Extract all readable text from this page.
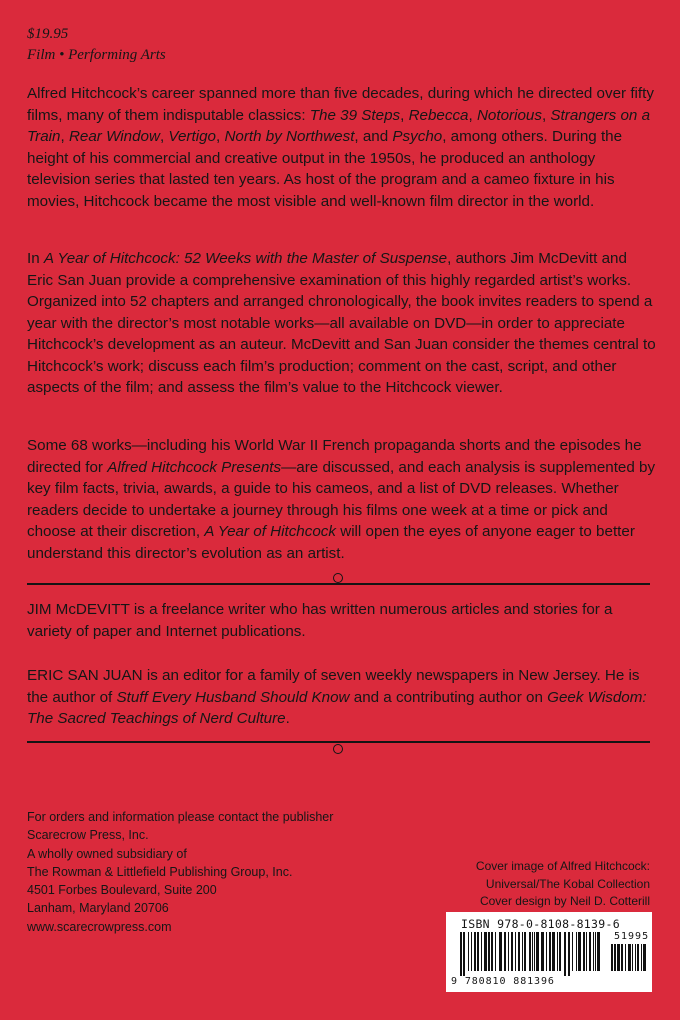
$19.95
Film • Performing Arts

Alfred Hitchcock’s career spanned more than five decades, during which he directed over fifty films, many of them indisputable classics: The 39 Steps, Rebecca, Notorious, Strangers on a Train, Rear Window, Vertigo, North by Northwest, and Psycho, among others. During the height of his commercial and creative output in the 1950s, he produced an anthology television series that lasted ten years. As host of the program and a cameo fixture in his movies, Hitchcock became the most visible and well-known film director in the world.

In A Year of Hitchcock: 52 Weeks with the Master of Suspense, authors Jim McDevitt and Eric San Juan provide a comprehensive examination of this highly regarded artist’s works. Organized into 52 chapters and arranged chronologically, the book invites readers to spend a year with the director’s most notable works—all available on DVD—in order to appreciate Hitchcock’s development as an auteur. McDevitt and San Juan consider the themes central to Hitchcock’s work; discuss each film’s production; comment on the cast, script, and other aspects of the film; and assess the film’s value to the Hitchcock viewer.

Some 68 works—including his World War II French propaganda shorts and the episodes he directed for Alfred Hitchcock Presents—are discussed, and each analysis is supplemented by key film facts, trivia, awards, a guide to his cameos, and a list of DVD releases. Whether readers decide to undertake a journey through his films one week at a time or pick and choose at their discretion, A Year of Hitchcock will open the eyes of anyone eager to better understand this director’s evolution as an artist.

JIM McDEVITT is a freelance writer who has written numerous articles and stories for a variety of paper and Internet publications.

ERIC SAN JUAN is an editor for a family of seven weekly newspapers in New Jersey. He is the author of Stuff Every Husband Should Know and a contributing author on Geek Wisdom: The Sacred Teachings of Nerd Culture.

For orders and information please contact the publisher
Scarecrow Press, Inc.
A wholly owned subsidiary of
The Rowman & Littlefield Publishing Group, Inc.
4501 Forbes Boulevard, Suite 200
Lanham, Maryland 20706
www.scarecrowpress.com
Cover image of Alfred Hitchcock:
Universal/The Kobal Collection
Cover design by Neil D. Cotterill
ISBN 978-0-8108-8139-6
51995
9 780810 881396
